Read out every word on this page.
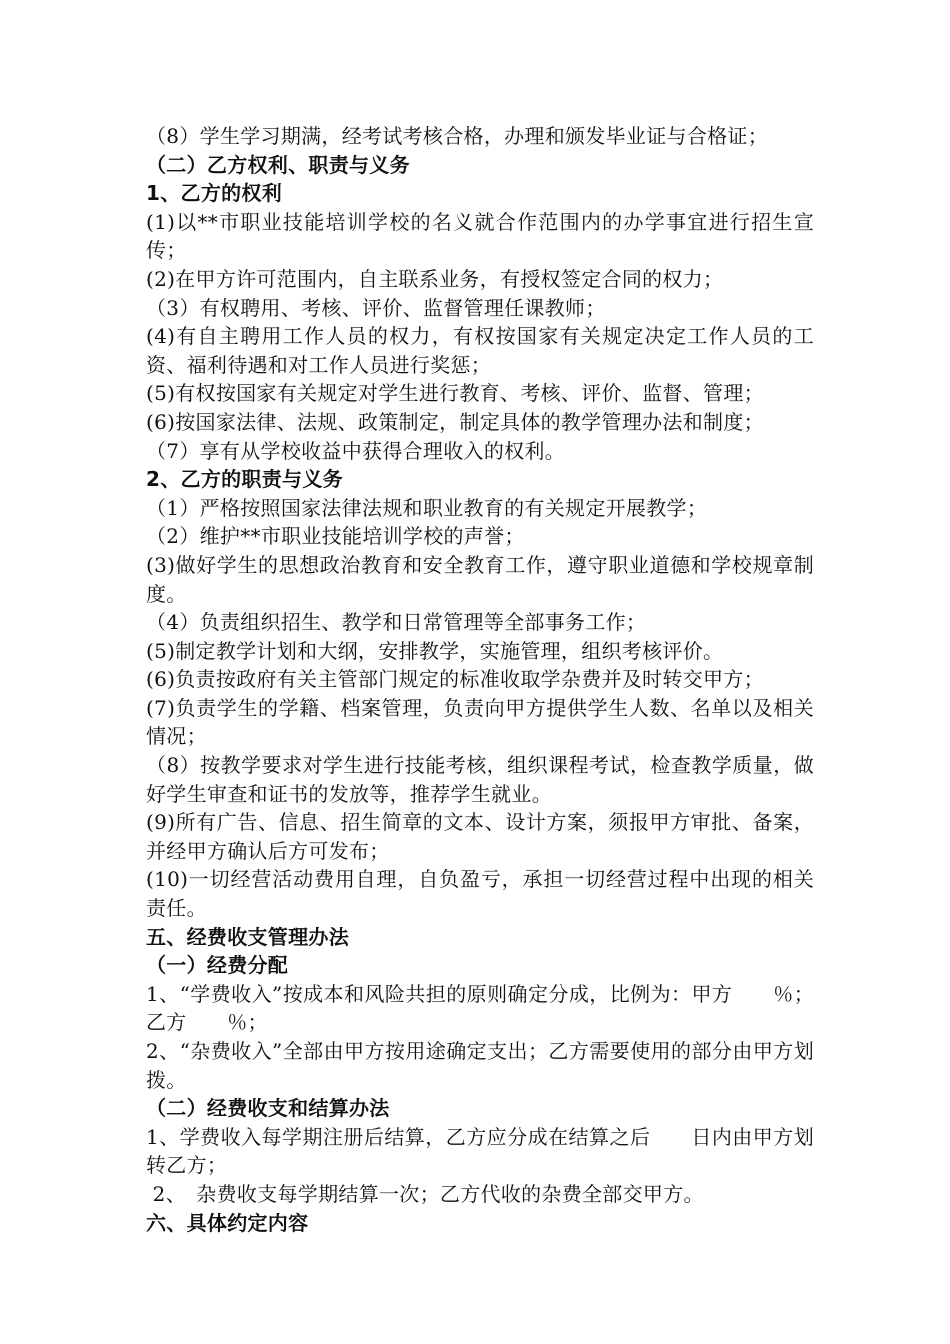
（8）学生学习期满，经考试考核合格，办理和颁发毕业证与合格证；

（二）乙方权利、职责与义务

1、乙方的权利

(1)以**市职业技能培训学校的名义就合作范围内的办学事宜进行招生宣传；

(2)在甲方许可范围内，自主联系业务，有授权签定合同的权力；

（3）有权聘用、考核、评价、监督管理任课教师；

(4)有自主聘用工作人员的权力，有权按国家有关规定决定工作人员的工资、福利待遇和对工作人员进行奖惩；

(5)有权按国家有关规定对学生进行教育、考核、评价、监督、管理；

(6)按国家法律、法规、政策制定，制定具体的教学管理办法和制度；

（7）享有从学校收益中获得合理收入的权利。

2、乙方的职责与义务

（1）严格按照国家法律法规和职业教育的有关规定开展教学；

（2）维护**市职业技能培训学校的声誉；

(3)做好学生的思想政治教育和安全教育工作，遵守职业道德和学校规章制度。

（4）负责组织招生、教学和日常管理等全部事务工作；

(5)制定教学计划和大纲，安排教学，实施管理，组织考核评价。

(6)负责按政府有关主管部门规定的标准收取学杂费并及时转交甲方；

(7)负责学生的学籍、档案管理，负责向甲方提供学生人数、名单以及相关情况；

（8）按教学要求对学生进行技能考核，组织课程考试，检查教学质量，做好学生审查和证书的发放等，推荐学生就业。

(9)所有广告、信息、招生简章的文本、设计方案，须报甲方审批、备案，并经甲方确认后方可发布；

(10)一切经营活动费用自理，自负盈亏，承担一切经营过程中出现的相关责任。

五、经费收支管理办法

（一）经费分配

1、“学费收入”按成本和风险共担的原则确定分成，比例为：甲方　　％；乙方　　％；

2、“杂费收入”全部由甲方按用途确定支出；乙方需要使用的部分由甲方划拨。

（二）经费收支和结算办法

1、学费收入每学期注册后结算，乙方应分成在结算之后　　日内由甲方划转乙方；

2、　杂费收支每学期结算一次；乙方代收的杂费全部交甲方。

六、具体约定内容
